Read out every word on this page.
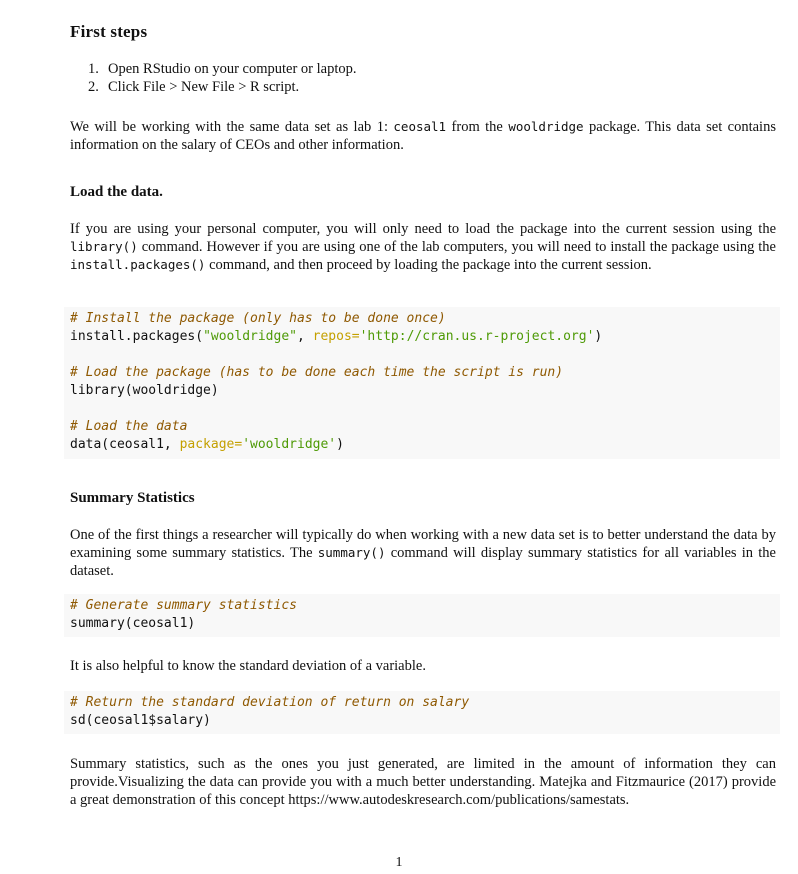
First steps
1. Open RStudio on your computer or laptop.
2. Click File > New File > R script.

We will be working with the same data set as lab 1: ceosal1 from the wooldridge package. This data set contains information on the salary of CEOs and other information.

Load the data.

If you are using your personal computer, you will only need to load the package into the current session using the library() command. However if you are using one of the lab computers, you will need to install the package using the install.packages() command, and then proceed by loading the package into the current session.

# Install the package (only has to be done once)
install.packages("wooldridge", repos='http://cran.us.r-project.org')
# Load the package (has to be done each time the script is run)
library(wooldridge)
# Load the data
data(ceosal1, package='wooldridge')
Summary Statistics

One of the first things a researcher will typically do when working with a new data set is to better understand the data by examining some summary statistics. The summary() command will display summary statistics for all variables in the dataset.

# Generate summary statistics
summary(ceosal1)

It is also helpful to know the standard deviation of a variable.

# Return the standard deviation of return on salary
sd(ceosal1$salary)

Summary statistics, such as the ones you just generated, are limited in the amount of information they can provide.Visualizing the data can provide you with a much better understanding. Matejka and Fitzmaurice (2017) provide a great demonstration of this concept https://www.autodeskresearch.com/publications/samestats.

1
